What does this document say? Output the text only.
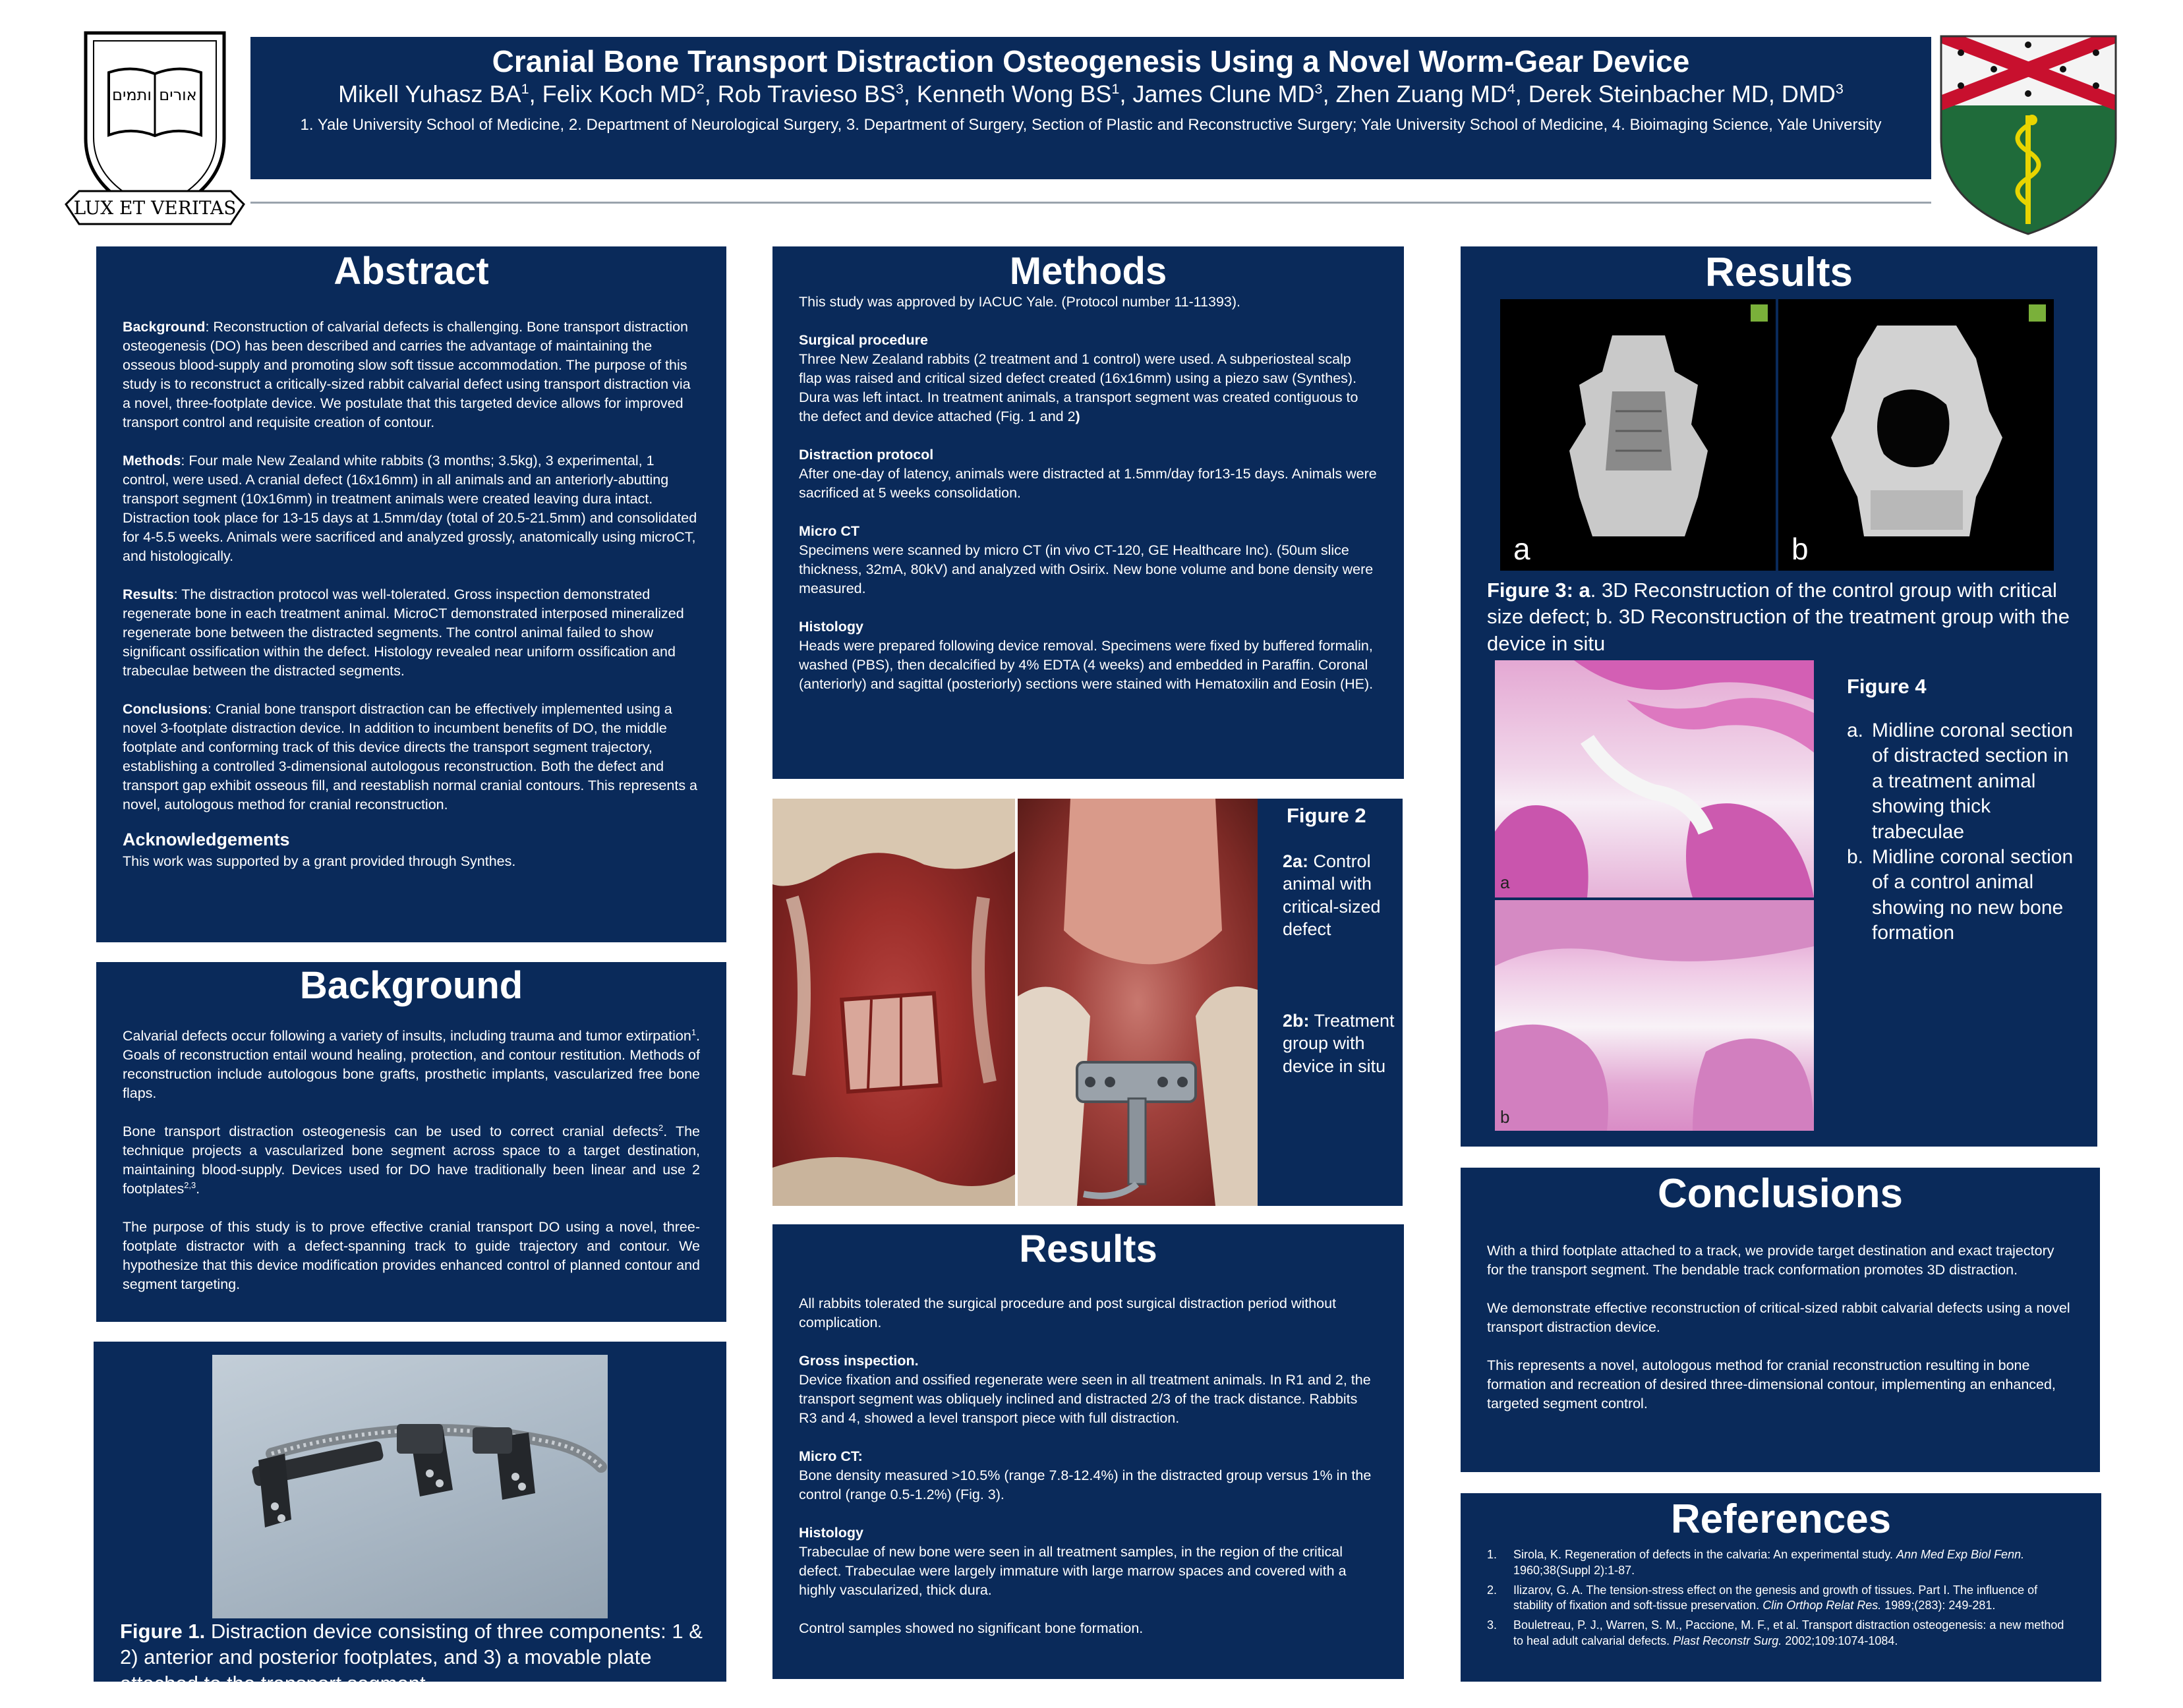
Cranial Bone Transport Distraction Osteogenesis Using a Novel Worm-Gear Device
Mikell Yuhasz $BA^1$, Felix Koch $MD^2$, Rob Travieso $BS^3$, Kenneth Wong $BS^1$, James Clune $MD^3$, Zhen Zuang $MD^4$, Derek Steinbacher MD, DMD$^3$
1. Yale University School of Medicine, 2. Department of Neurological Surgery, 3. Department of Surgery, Section of Plastic and Reconstructive Surgery; Yale University School of Medicine, 4. Bioimaging Science, Yale University
ותמים אורים
LUX ET VERITAS
Abstract

Background: Reconstruction of calvarial defects is challenging. Bone transport distraction osteogenesis (DO) has been described and carries the advantage of maintaining the osseous blood-supply and promoting slow soft tissue accommodation. The purpose of this study is to reconstruct a critically-sized rabbit calvarial defect using transport distraction via a novel, three-footplate device. We postulate that this targeted device allows for improved transport control and requisite creation of contour.

Methods: Four male New Zealand white rabbits (3 months; 3.5kg), 3 experimental, 1 control, were used. A cranial defect (16x16mm) in all animals and an anteriorly-abutting transport segment (10x16mm) in treatment animals were created leaving dura intact. Distraction took place for 13-15 days at 1.5mm/day (total of 20.5-21.5mm) and consolidated for 4-5.5 weeks. Animals were sacrificed and analyzed grossly, anatomically using microCT, and histologically.

Results: The distraction protocol was well-tolerated. Gross inspection demonstrated regenerate bone in each treatment animal. MicroCT demonstrated interposed mineralized regenerate bone between the distracted segments. The control animal failed to show significant ossification within the defect. Histology revealed near uniform ossification and trabeculae between the distracted segments.

Conclusions: Cranial bone transport distraction can be effectively implemented using a novel 3-footplate distraction device. In addition to incumbent benefits of DO, the middle footplate and conforming track of this device directs the transport segment trajectory, establishing a controlled 3-dimensional autologous reconstruction. Both the defect and transport gap exhibit osseous fill, and reestablish normal cranial contours. This represents a novel, autologous method for cranial reconstruction.

Acknowledgements
This work was supported by a grant provided through Synthes.
Background

Calvarial defects occur following a variety of insults, including trauma and tumor extirpation$^1$. Goals of reconstruction entail wound healing, protection, and contour restitution. Methods of reconstruction include autologous bone grafts, prosthetic implants, vascularized free bone flaps.

Bone transport distraction osteogenesis can be used to correct cranial defects$^2$. The technique projects a vascularized bone segment across space to a target destination, maintaining blood-supply. Devices used for DO have traditionally been linear and use 2 footplates$^{2,3}$.

The purpose of this study is to prove effective cranial transport DO using a novel, three-footplate distractor with a defect-spanning track to guide trajectory and contour. We hypothesize that this device modification provides enhanced control of planned contour and segment targeting.

Figure 1. Distraction device consisting of three components: 1 & 2) anterior and posterior footplates, and 3) a movable plate attached to the transport segment
Methods

This study was approved by IACUC Yale. (Protocol number 11-11393).

Surgical procedure

Three New Zealand rabbits (2 treatment and 1 control) were used. A subperiosteal scalp flap was raised and critical sized defect created (16x16mm) using a piezo saw (Synthes). Dura was left intact. In treatment animals, a transport segment was created contiguous to the defect and device attached (Fig. 1 and 2)

Distraction protocol

After one-day of latency, animals were distracted at 1.5mm/day for13-15 days. Animals were sacrificed at 5 weeks consolidation.

Micro CT

Specimens were scanned by micro CT (in vivo CT-120, GE Healthcare Inc). (50um slice thickness, 32mA, 80kV) and analyzed with Osirix. New bone volume and bone density were measured.

Histology

Heads were prepared following device removal. Specimens were fixed by buffered formalin, washed (PBS), then decalcified by 4% EDTA (4 weeks) and embedded in Paraffin. Coronal (anteriorly) and sagittal (posteriorly) sections were stained with Hematoxilin and Eosin (HE).

Figure 2
2a: Control animal with critical-sized defect
2b: Treatment group with device in situ
Results

All rabbits tolerated the surgical procedure and post surgical distraction period without complication.

Gross inspection.

Device fixation and ossified regenerate were seen in all treatment animals. In R1 and 2, the transport segment was obliquely inclined and distracted 2/3 of the track distance. Rabbits R3 and 4, showed a level transport piece with full distraction.

Micro CT:

Bone density measured >10.5% (range 7.8-12.4%) in the distracted group versus 1% in the control (range 0.5-1.2%) (Fig. 3).

Histology

Trabeculae of new bone were seen in all treatment samples, in the region of the critical defect. Trabeculae were largely immature with large marrow spaces and covered with a highly vascularized, thick dura.

Control samples showed no significant bone formation.

Results
a	b
Figure 3: a. 3D Reconstruction of the control group with critical size defect; b. 3D Reconstruction of the treatment group with the device in situ
a
b
Figure 4
a. Midline coronal section of distracted section in a treatment animal showing thick trabeculae
b. Midline coronal section of a control animal showing no new bone formation
Conclusions

With a third footplate attached to a track, we provide target destination and exact trajectory for the transport segment. The bendable track conformation promotes 3D distraction.

We demonstrate effective reconstruction of critical-sized rabbit calvarial defects using a novel transport distraction device.

This represents a novel, autologous method for cranial reconstruction resulting in bone formation and recreation of desired three-dimensional contour, implementing an enhanced, targeted segment control.

References
1. Sirola, K. Regeneration of defects in the calvaria: An experimental study. Ann Med Exp Biol Fenn. 1960;38(Suppl 2):1-87.
2. Ilizarov, G. A. The tension-stress effect on the genesis and growth of tissues. Part I. The influence of stability of fixation and soft-tissue preservation. Clin Orthop Relat Res. 1989;(283): 249-281.
3. Bouletreau, P. J., Warren, S. M., Paccione, M. F., et al. Transport distraction osteogenesis: a new method to heal adult calvarial defects. Plast Reconstr Surg. 2002;109:1074-1084.
